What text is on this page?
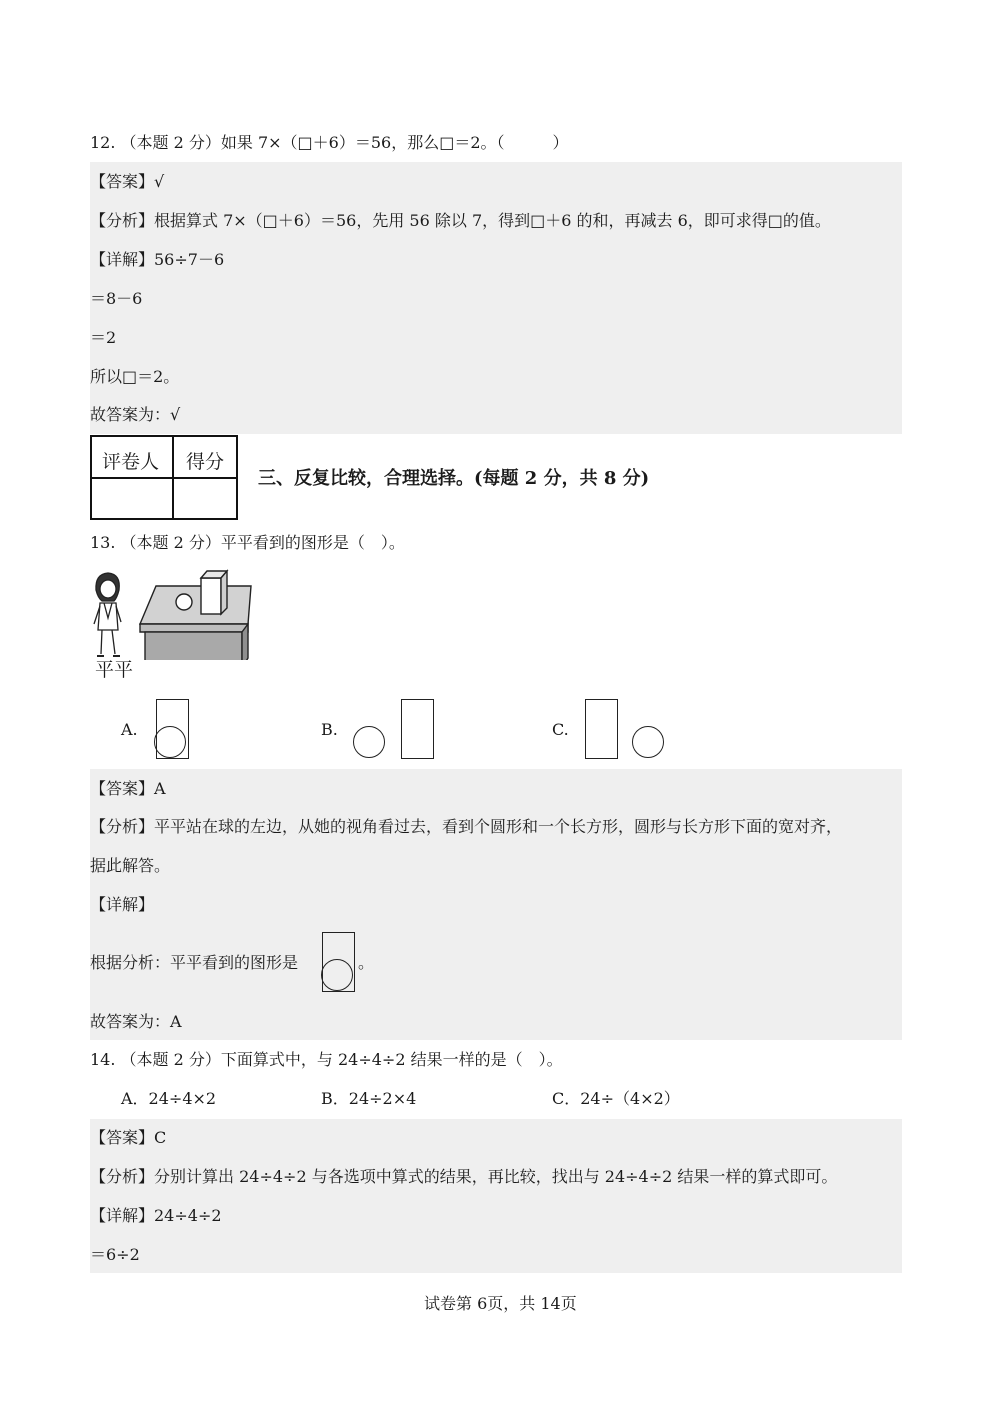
12. （本题 2 分）如果 7×（□＋6）＝56，那么□＝2。（　　　）
【答案】√
【分析】根据算式 7×（□＋6）＝56，先用 56 除以 7，得到□＋6 的和，再减去 6，即可求得□的值。
【详解】56÷7－6
＝8－6
＝2
所以□＝2。
故答案为：√
评卷人 得分
三、反复比较，合理选择。(每题 2 分，共 8 分)
13. （本题 2 分）平平看到的图形是（　）。
平平
A.	B.	C.
【答案】A
【分析】平平站在球的左边，从她的视角看过去，看到个圆形和一个长方形，圆形与长方形下面的宽对齐，
据此解答。
【详解】
根据分析：平平看到的图形是	。
故答案为：A
14. （本题 2 分）下面算式中，与 24÷4÷2 结果一样的是（　）。
A．24÷4×2	B．24÷2×4	C．24÷（4×2）
【答案】C
【分析】分别计算出 24÷4÷2 与各选项中算式的结果，再比较，找出与 24÷4÷2 结果一样的算式即可。
【详解】24÷4÷2
＝6÷2
试卷第 6页，共 14页
